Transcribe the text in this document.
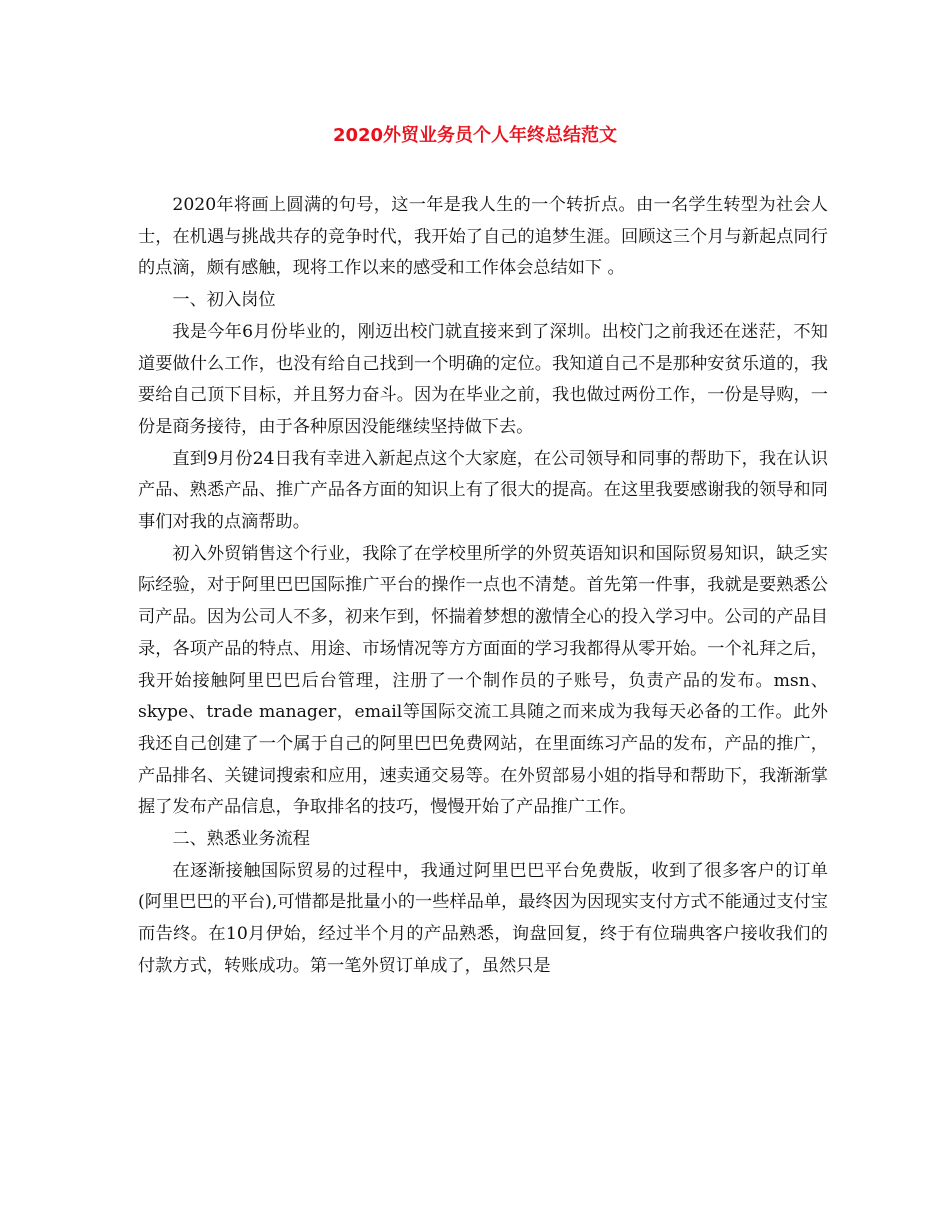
2020外贸业务员个人年终总结范文

2020年将画上圆满的句号，这一年是我人生的一个转折点。由一名学生转型为社会人士，在机遇与挑战共存的竞争时代，我开始了自己的追梦生涯。回顾这三个月与新起点同行的点滴，颇有感触，现将工作以来的感受和工作体会总结如下 。

一、初入岗位

我是今年6月份毕业的，刚迈出校门就直接来到了深圳。出校门之前我还在迷茫，不知道要做什么工作，也没有给自己找到一个明确的定位。我知道自己不是那种安贫乐道的，我要给自己顶下目标，并且努力奋斗。因为在毕业之前，我也做过两份工作，一份是导购，一份是商务接待，由于各种原因没能继续坚持做下去。

直到9月份24日我有幸进入新起点这个大家庭，在公司领导和同事的帮助下，我在认识产品、熟悉产品、推广产品各方面的知识上有了很大的提高。在这里我要感谢我的领导和同事们对我的点滴帮助。

初入外贸销售这个行业，我除了在学校里所学的外贸英语知识和国际贸易知识，缺乏实际经验，对于阿里巴巴国际推广平台的操作一点也不清楚。首先第一件事，我就是要熟悉公司产品。因为公司人不多，初来乍到，怀揣着梦想的激情全心的投入学习中。公司的产品目录，各项产品的特点、用途、市场情况等方方面面的学习我都得从零开始。一个礼拜之后，我开始接触阿里巴巴后台管理，注册了一个制作员的子账号，负责产品的发布。msn、skype、trade manager，email等国际交流工具随之而来成为我每天必备的工作。此外我还自己创建了一个属于自己的阿里巴巴免费网站，在里面练习产品的发布，产品的推广，产品排名、关键词搜索和应用，速卖通交易等。在外贸部易小姐的指导和帮助下，我渐渐掌握了发布产品信息，争取排名的技巧，慢慢开始了产品推广工作。

二、熟悉业务流程

在逐渐接触国际贸易的过程中，我通过阿里巴巴平台免费版，收到了很多客户的订单(阿里巴巴的平台),可惜都是批量小的一些样品单，最终因为因现实支付方式不能通过支付宝而告终。在10月伊始，经过半个月的产品熟悉，询盘回复，终于有位瑞典客户接收我们的付款方式，转账成功。第一笔外贸订单成了，虽然只是
